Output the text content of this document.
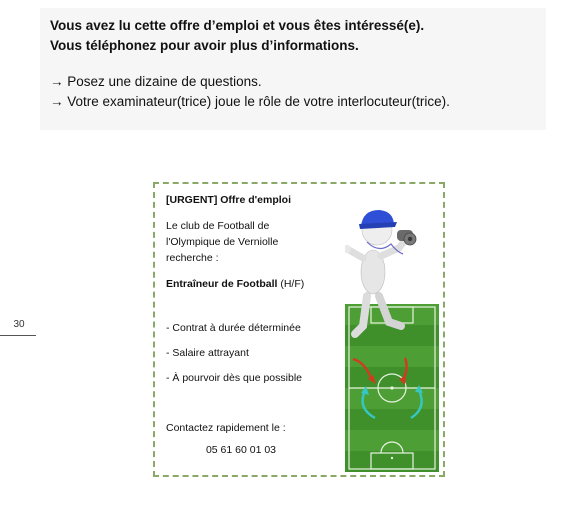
Vous avez lu cette offre d’emploi et vous êtes intéressé(e).
Vous téléphonez pour avoir plus d’informations.
→ Posez une dizaine de questions.
→ Votre examinateur(trice) joue le rôle de votre interlocuteur(trice).
30
[URGENT] Offre d'emploi
Le club de Football de
l'Olympique de Verniolle
recherche :
Entraîneur de Football (H/F)
- Contrat à durée déterminée
- Salaire attrayant
- À pourvoir dès que possible
Contactez rapidement le :
05 61 60 01 03
